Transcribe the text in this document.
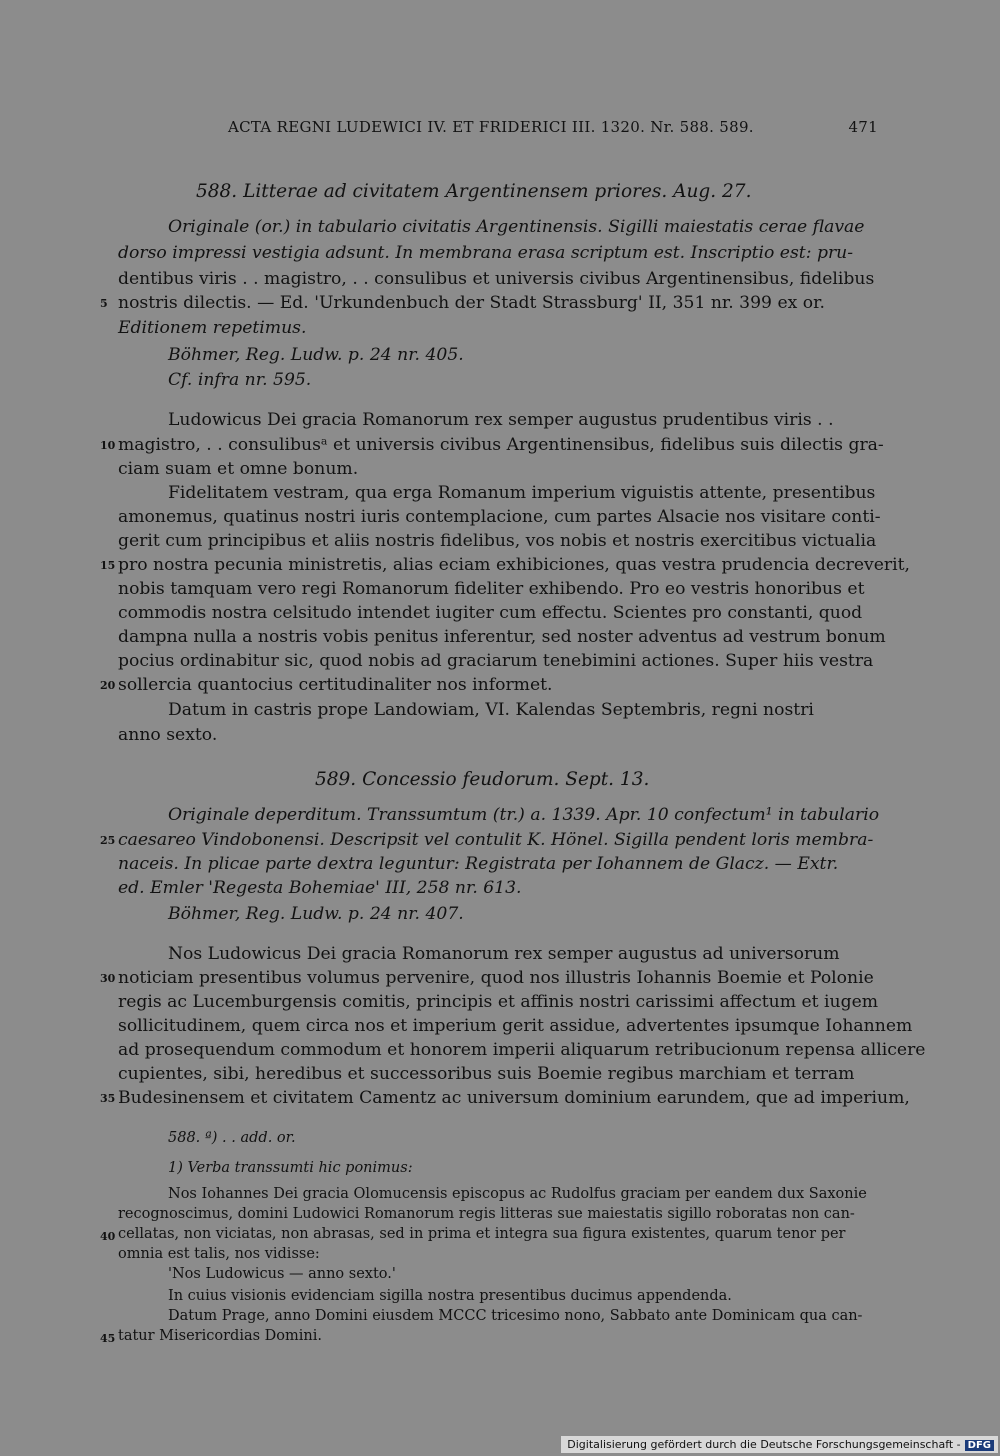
ACTA REGNI LUDEWICI IV. ET FRIDERICI III. 1320. Nr. 588. 589.	471
588. Litterae ad civitatem Argentinensem priores. Aug. 27.
Originale (or.) in tabulario civitatis Argentinensis. Sigilli maiestatis cerae flavae
dorso impressi vestigia adsunt. In membrana erasa scriptum est. Inscriptio est: pru-
dentibus viris . . magistro, . . consulibus et universis civibus Argentinensibus, fidelibus
nostris dilectis. — Ed. 'Urkundenbuch der Stadt Strassburg' II, 351 nr. 399 ex or.
Editionem repetimus.
Böhmer, Reg. Ludw. p. 24 nr. 405.
Cf. infra nr. 595.
Ludowicus Dei gracia Romanorum rex semper augustus prudentibus viris . .
magistro, . . consulibusᵃ et universis civibus Argentinensibus, fidelibus suis dilectis gra-
ciam suam et omne bonum.
Fidelitatem vestram, qua erga Romanum imperium viguistis attente, presentibus
amonemus, quatinus nostri iuris contemplacione, cum partes Alsacie nos visitare conti-
gerit cum principibus et aliis nostris fidelibus, vos nobis et nostris exercitibus victualia
pro nostra pecunia ministretis, alias eciam exhibiciones, quas vestra prudencia decreverit,
nobis tamquam vero regi Romanorum fideliter exhibendo. Pro eo vestris honoribus et
commodis nostra celsitudo intendet iugiter cum effectu. Scientes pro constanti, quod
dampna nulla a nostris vobis penitus inferentur, sed noster adventus ad vestrum bonum
pocius ordinabitur sic, quod nobis ad graciarum tenebimini actiones. Super hiis vestra
sollercia quantocius certitudinaliter nos informet.
Datum in castris prope Landowiam, VI. Kalendas Septembris, regni nostri
anno sexto.
589. Concessio feudorum. Sept. 13.
Originale deperditum. Transsumtum (tr.) a. 1339. Apr. 10 confectum¹ in tabulario
caesareo Vindobonensi. Descripsit vel contulit K. Hönel. Sigilla pendent loris membra-
naceis. In plicae parte dextra leguntur: Registrata per Iohannem de Glacz. — Extr.
ed. Emler 'Regesta Bohemiae' III, 258 nr. 613.
Böhmer, Reg. Ludw. p. 24 nr. 407.
Nos Ludowicus Dei gracia Romanorum rex semper augustus ad universorum
noticiam presentibus volumus pervenire, quod nos illustris Iohannis Boemie et Polonie
regis ac Lucemburgensis comitis, principis et affinis nostri carissimi affectum et iugem
sollicitudinem, quem circa nos et imperium gerit assidue, advertentes ipsumque Iohannem
ad prosequendum commodum et honorem imperii aliquarum retribucionum repensa allicere
cupientes, sibi, heredibus et successoribus suis Boemie regibus marchiam et terram
Budesinensem et civitatem Camentz ac universum dominium earundem, que ad imperium,
588. ª) . . add. or.
1) Verba transsumti hic ponimus:
Nos Iohannes Dei gracia Olomucensis episcopus ac Rudolfus graciam per eandem dux Saxonie
recognoscimus, domini Ludowici Romanorum regis litteras sue maiestatis sigillo roboratas non can-
cellatas, non viciatas, non abrasas, sed in prima et integra sua figura existentes, quarum tenor per
omnia est talis, nos vidisse:
'Nos Ludowicus — anno sexto.'
In cuius visionis evidenciam sigilla nostra presentibus ducimus appendenda.
Datum Prage, anno Domini eiusdem MCCC tricesimo nono, Sabbato ante Dominicam qua can-
tatur Misericordias Domini.
5
10
15
20
25
30
35
40
45
Digitalisierung gefördert durch die Deutsche Forschungsgemeinschaft - DFG
